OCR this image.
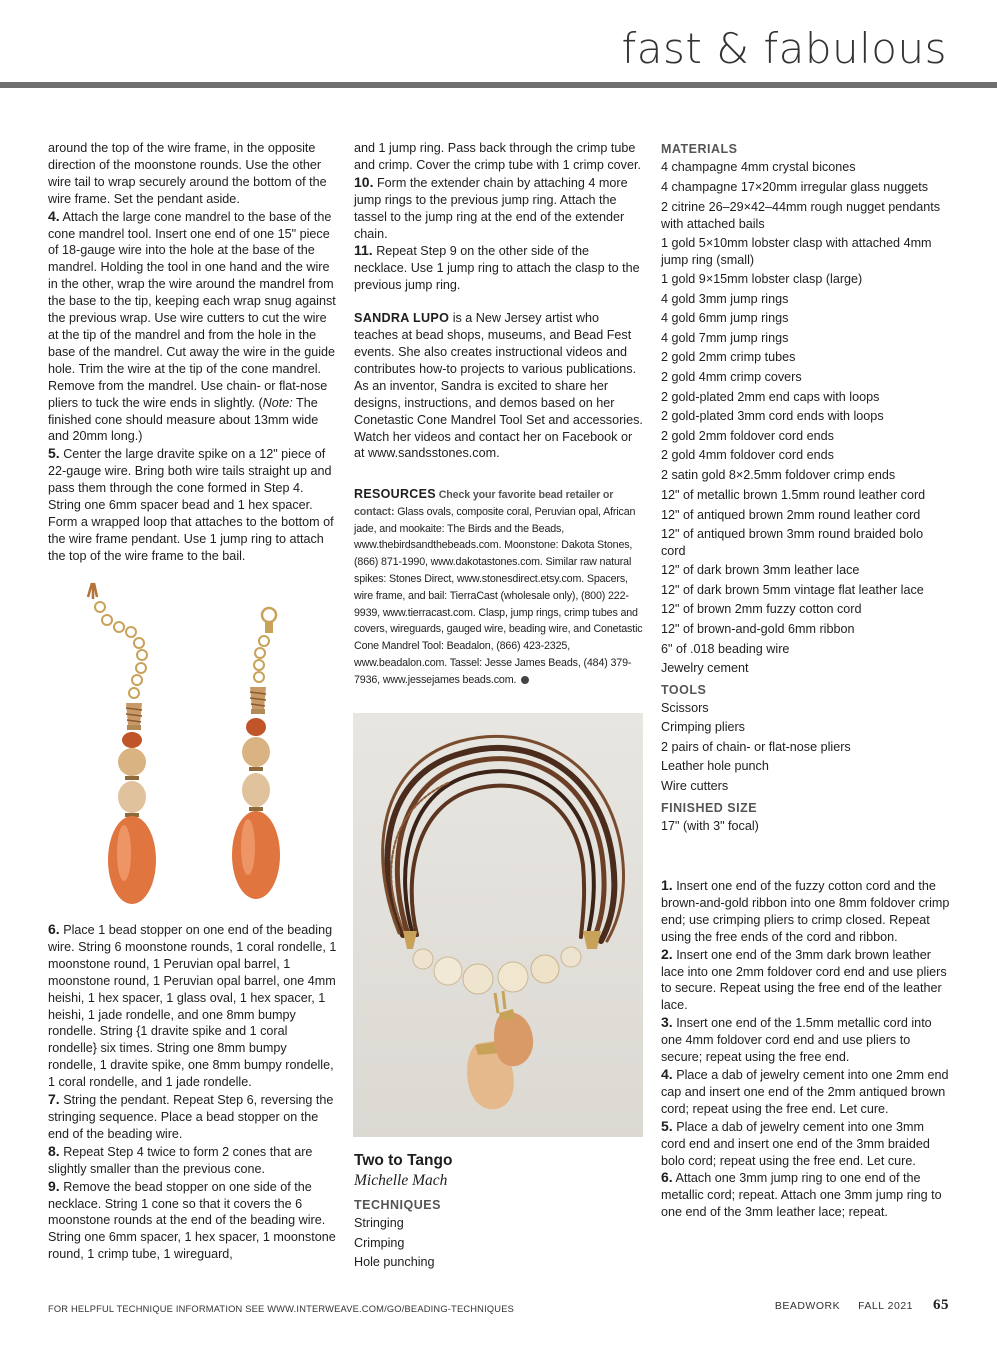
fast & fabulous

around the top of the wire frame, in the opposite direction of the moonstone rounds. Use the other wire tail to wrap securely around the bottom of the wire frame. Set the pendant aside.

4. Attach the large cone mandrel to the base of the cone mandrel tool. Insert one end of one 15" piece of 18-gauge wire into the hole at the base of the mandrel. Holding the tool in one hand and the wire in the other, wrap the wire around the mandrel from the base to the tip, keeping each wrap snug against the previous wrap. Use wire cutters to cut the wire at the tip of the mandrel and from the hole in the base of the mandrel. Cut away the wire in the guide hole. Trim the wire at the tip of the cone mandrel. Remove from the mandrel. Use chain- or flat-nose pliers to tuck the wire ends in slightly. (Note: The finished cone should measure about 13mm wide and 20mm long.)

5. Center the large dravite spike on a 12" piece of 22-gauge wire. Bring both wire tails straight up and pass them through the cone formed in Step 4. String one 6mm spacer bead and 1 hex spacer. Form a wrapped loop that attaches to the bottom of the wire frame pendant. Use 1 jump ring to attach the top of the wire frame to the bail.

6. Place 1 bead stopper on one end of the beading wire. String 6 moonstone rounds, 1 coral rondelle, 1 moonstone round, 1 Peruvian opal barrel, 1 moonstone round, 1 Peruvian opal barrel, one 4mm heishi, 1 hex spacer, 1 glass oval, 1 hex spacer, 1 heishi, 1 jade rondelle, and one 8mm bumpy rondelle. String {1 dravite spike and 1 coral rondelle} six times. String one 8mm bumpy rondelle, 1 dravite spike, one 8mm bumpy rondelle, 1 coral rondelle, and 1 jade rondelle.

7. String the pendant. Repeat Step 6, reversing the stringing sequence. Place a bead stopper on the end of the beading wire.

8. Repeat Step 4 twice to form 2 cones that are slightly smaller than the previous cone.

9. Remove the bead stopper on one side of the necklace. String 1 cone so that it covers the 6 moonstone rounds at the end of the beading wire. String one 6mm spacer, 1 hex spacer, 1 moonstone round, 1 crimp tube, 1 wireguard,

and 1 jump ring. Pass back through the crimp tube and crimp. Cover the crimp tube with 1 crimp cover.

10. Form the extender chain by attaching 4 more jump rings to the previous jump ring. Attach the tassel to the jump ring at the end of the extender chain.

11. Repeat Step 9 on the other side of the necklace. Use 1 jump ring to attach the clasp to the previous jump ring.

SANDRA LUPO is a New Jersey artist who teaches at bead shops, museums, and Bead Fest events. She also creates instructional videos and contributes how-to projects to various publications. As an inventor, Sandra is excited to share her designs, instructions, and demos based on her Conetastic Cone Mandrel Tool Set and accessories. Watch her videos and contact her on Facebook or at www.sandsstones.com.

RESOURCES Check your favorite bead retailer or contact: Glass ovals, composite coral, Peruvian opal, African jade, and mookaite: The Birds and the Beads, www.thebirdsandthebeads.com. Moonstone: Dakota Stones, (866) 871-1990, www.dakotastones.com. Similar raw natural spikes: Stones Direct, www.stonesdirect.etsy.com. Spacers, wire frame, and bail: TierraCast (wholesale only), (800) 222-9939, www.tierracast.com. Clasp, jump rings, crimp tubes and covers, wireguards, gauged wire, beading wire, and Conetastic Cone Mandrel Tool: Beadalon, (866) 423-2325, www.beadalon.com. Tassel: Jesse James Beads, (484) 379-7936, www.jessejames beads.com.
Two to Tango
Michelle Mach
TECHNIQUES
Stringing
Crimping
Hole punching
MATERIALS
4 champagne 4mm crystal bicones
4 champagne 17×20mm irregular glass nuggets
2 citrine 26–29×42–44mm rough nugget pendants with attached bails
1 gold 5×10mm lobster clasp with attached 4mm jump ring (small)
1 gold 9×15mm lobster clasp (large)
4 gold 3mm jump rings
4 gold 6mm jump rings
4 gold 7mm jump rings
2 gold 2mm crimp tubes
2 gold 4mm crimp covers
2 gold-plated 2mm end caps with loops
2 gold-plated 3mm cord ends with loops
2 gold 2mm foldover cord ends
2 gold 4mm foldover cord ends
2 satin gold 8×2.5mm foldover crimp ends
12" of metallic brown 1.5mm round leather cord
12" of antiqued brown 2mm round leather cord
12" of antiqued brown 3mm round braided bolo cord
12" of dark brown 3mm leather lace
12" of dark brown 5mm vintage flat leather lace
12" of brown 2mm fuzzy cotton cord
12" of brown-and-gold 6mm ribbon
6" of .018 beading wire
Jewelry cement
TOOLS
Scissors
Crimping pliers
2 pairs of chain- or flat-nose pliers
Leather hole punch
Wire cutters
FINISHED SIZE
17" (with 3" focal)

1. Insert one end of the fuzzy cotton cord and the brown-and-gold ribbon into one 8mm foldover crimp end; use crimping pliers to crimp closed. Repeat using the free ends of the cord and ribbon.

2. Insert one end of the 3mm dark brown leather lace into one 2mm foldover cord end and use pliers to secure. Repeat using the free end of the leather lace.

3. Insert one end of the 1.5mm metallic cord into one 4mm foldover cord end and use pliers to secure; repeat using the free end.

4. Place a dab of jewelry cement into one 2mm end cap and insert one end of the 2mm antiqued brown cord; repeat using the free end. Let cure.

5. Place a dab of jewelry cement into one 3mm cord end and insert one end of the 3mm braided bolo cord; repeat using the free end. Let cure.

6. Attach one 3mm jump ring to one end of the metallic cord; repeat. Attach one 3mm jump ring to one end of the 3mm leather lace; repeat.

FOR HELPFUL TECHNIQUE INFORMATION SEE WWW.INTERWEAVE.COM/GO/BEADING-TECHNIQUES	BEADWORK FALL 2021 65
